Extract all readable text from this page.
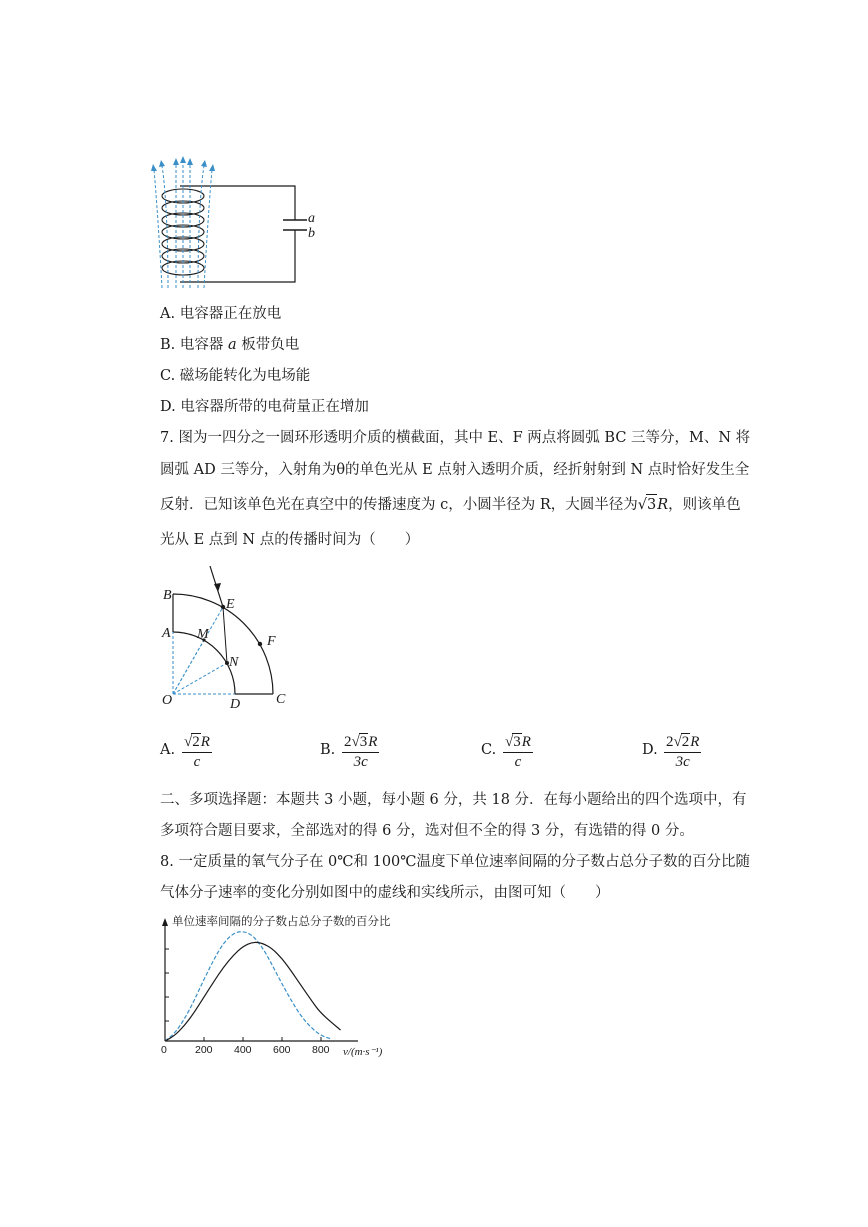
a
b
A. 电容器正在放电
B. 电容器 a 板带负电
C. 磁场能转化为电场能
D. 电容器所带的电荷量正在增加
7. 图为一四分之一圆环形透明介质的横截面，其中 E、F 两点将圆弧 BC 三等分，M、N 将
圆弧 AD 三等分，入射角为θ的单色光从 E 点射入透明介质，经折射射到 N 点时恰好发生全
反射．已知该单色光在真空中的传播速度为 c，小圆半径为 R，大圆半径为√3R，则该单色
光从 E 点到 N 点的传播时间为（　　）
B
E
A M	F
N
O	D	C
A. $\frac{√2R}{c}$	B. $\frac{2√3R}{3c}$	C. $\frac{√3R}{c}$	D. $\frac{2√2R}{3c}$
二、多项选择题：本题共 3 小题，每小题 6 分，共 18 分．在每小题给出的四个选项中，有
多项符合题目要求，全部选对的得 6 分，选对但不全的得 3 分，有选错的得 0 分。
8. 一定质量的氧气分子在 0℃和 100℃温度下单位速率间隔的分子数占总分子数的百分比随
气体分子速率的变化分别如图中的虚线和实线所示，由图可知（　　）
单位速率间隔的分子数占总分子数的百分比
0	200 400 600 800 v/(m·s⁻¹)
